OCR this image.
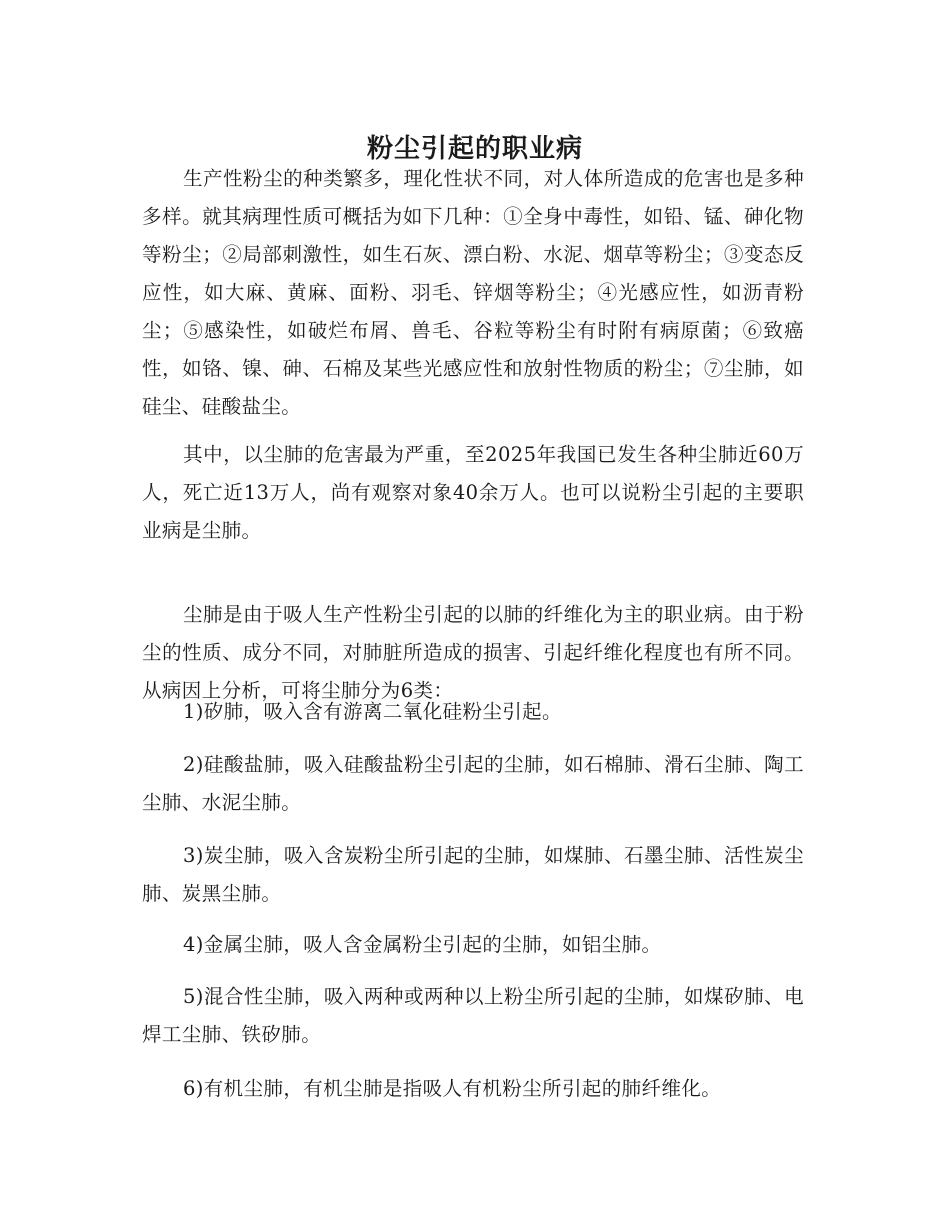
粉尘引起的职业病

生产性粉尘的种类繁多，理化性状不同，对人体所造成的危害也是多种多样。就其病理性质可概括为如下几种：①全身中毒性，如铅、锰、砷化物等粉尘；②局部刺激性，如生石灰、漂白粉、水泥、烟草等粉尘；③变态反应性，如大麻、黄麻、面粉、羽毛、锌烟等粉尘；④光感应性，如沥青粉尘；⑤感染性，如破烂布屑、兽毛、谷粒等粉尘有时附有病原菌；⑥致癌性，如铬、镍、砷、石棉及某些光感应性和放射性物质的粉尘；⑦尘肺，如硅尘、硅酸盐尘。

其中，以尘肺的危害最为严重，至2025年我国已发生各种尘肺近60万人，死亡近13万人，尚有观察对象40余万人。也可以说粉尘引起的主要职业病是尘肺。

尘肺是由于吸人生产性粉尘引起的以肺的纤维化为主的职业病。由于粉尘的性质、成分不同，对肺脏所造成的损害、引起纤维化程度也有所不同。从病因上分析，可将尘肺分为6类：

1)矽肺，吸入含有游离二氧化硅粉尘引起。

2)硅酸盐肺，吸入硅酸盐粉尘引起的尘肺，如石棉肺、滑石尘肺、陶工尘肺、水泥尘肺。

3)炭尘肺，吸入含炭粉尘所引起的尘肺，如煤肺、石墨尘肺、活性炭尘肺、炭黑尘肺。

4)金属尘肺，吸人含金属粉尘引起的尘肺，如铝尘肺。

5)混合性尘肺，吸入两种或两种以上粉尘所引起的尘肺，如煤矽肺、电焊工尘肺、铁矽肺。

6)有机尘肺，有机尘肺是指吸人有机粉尘所引起的肺纤维化。
